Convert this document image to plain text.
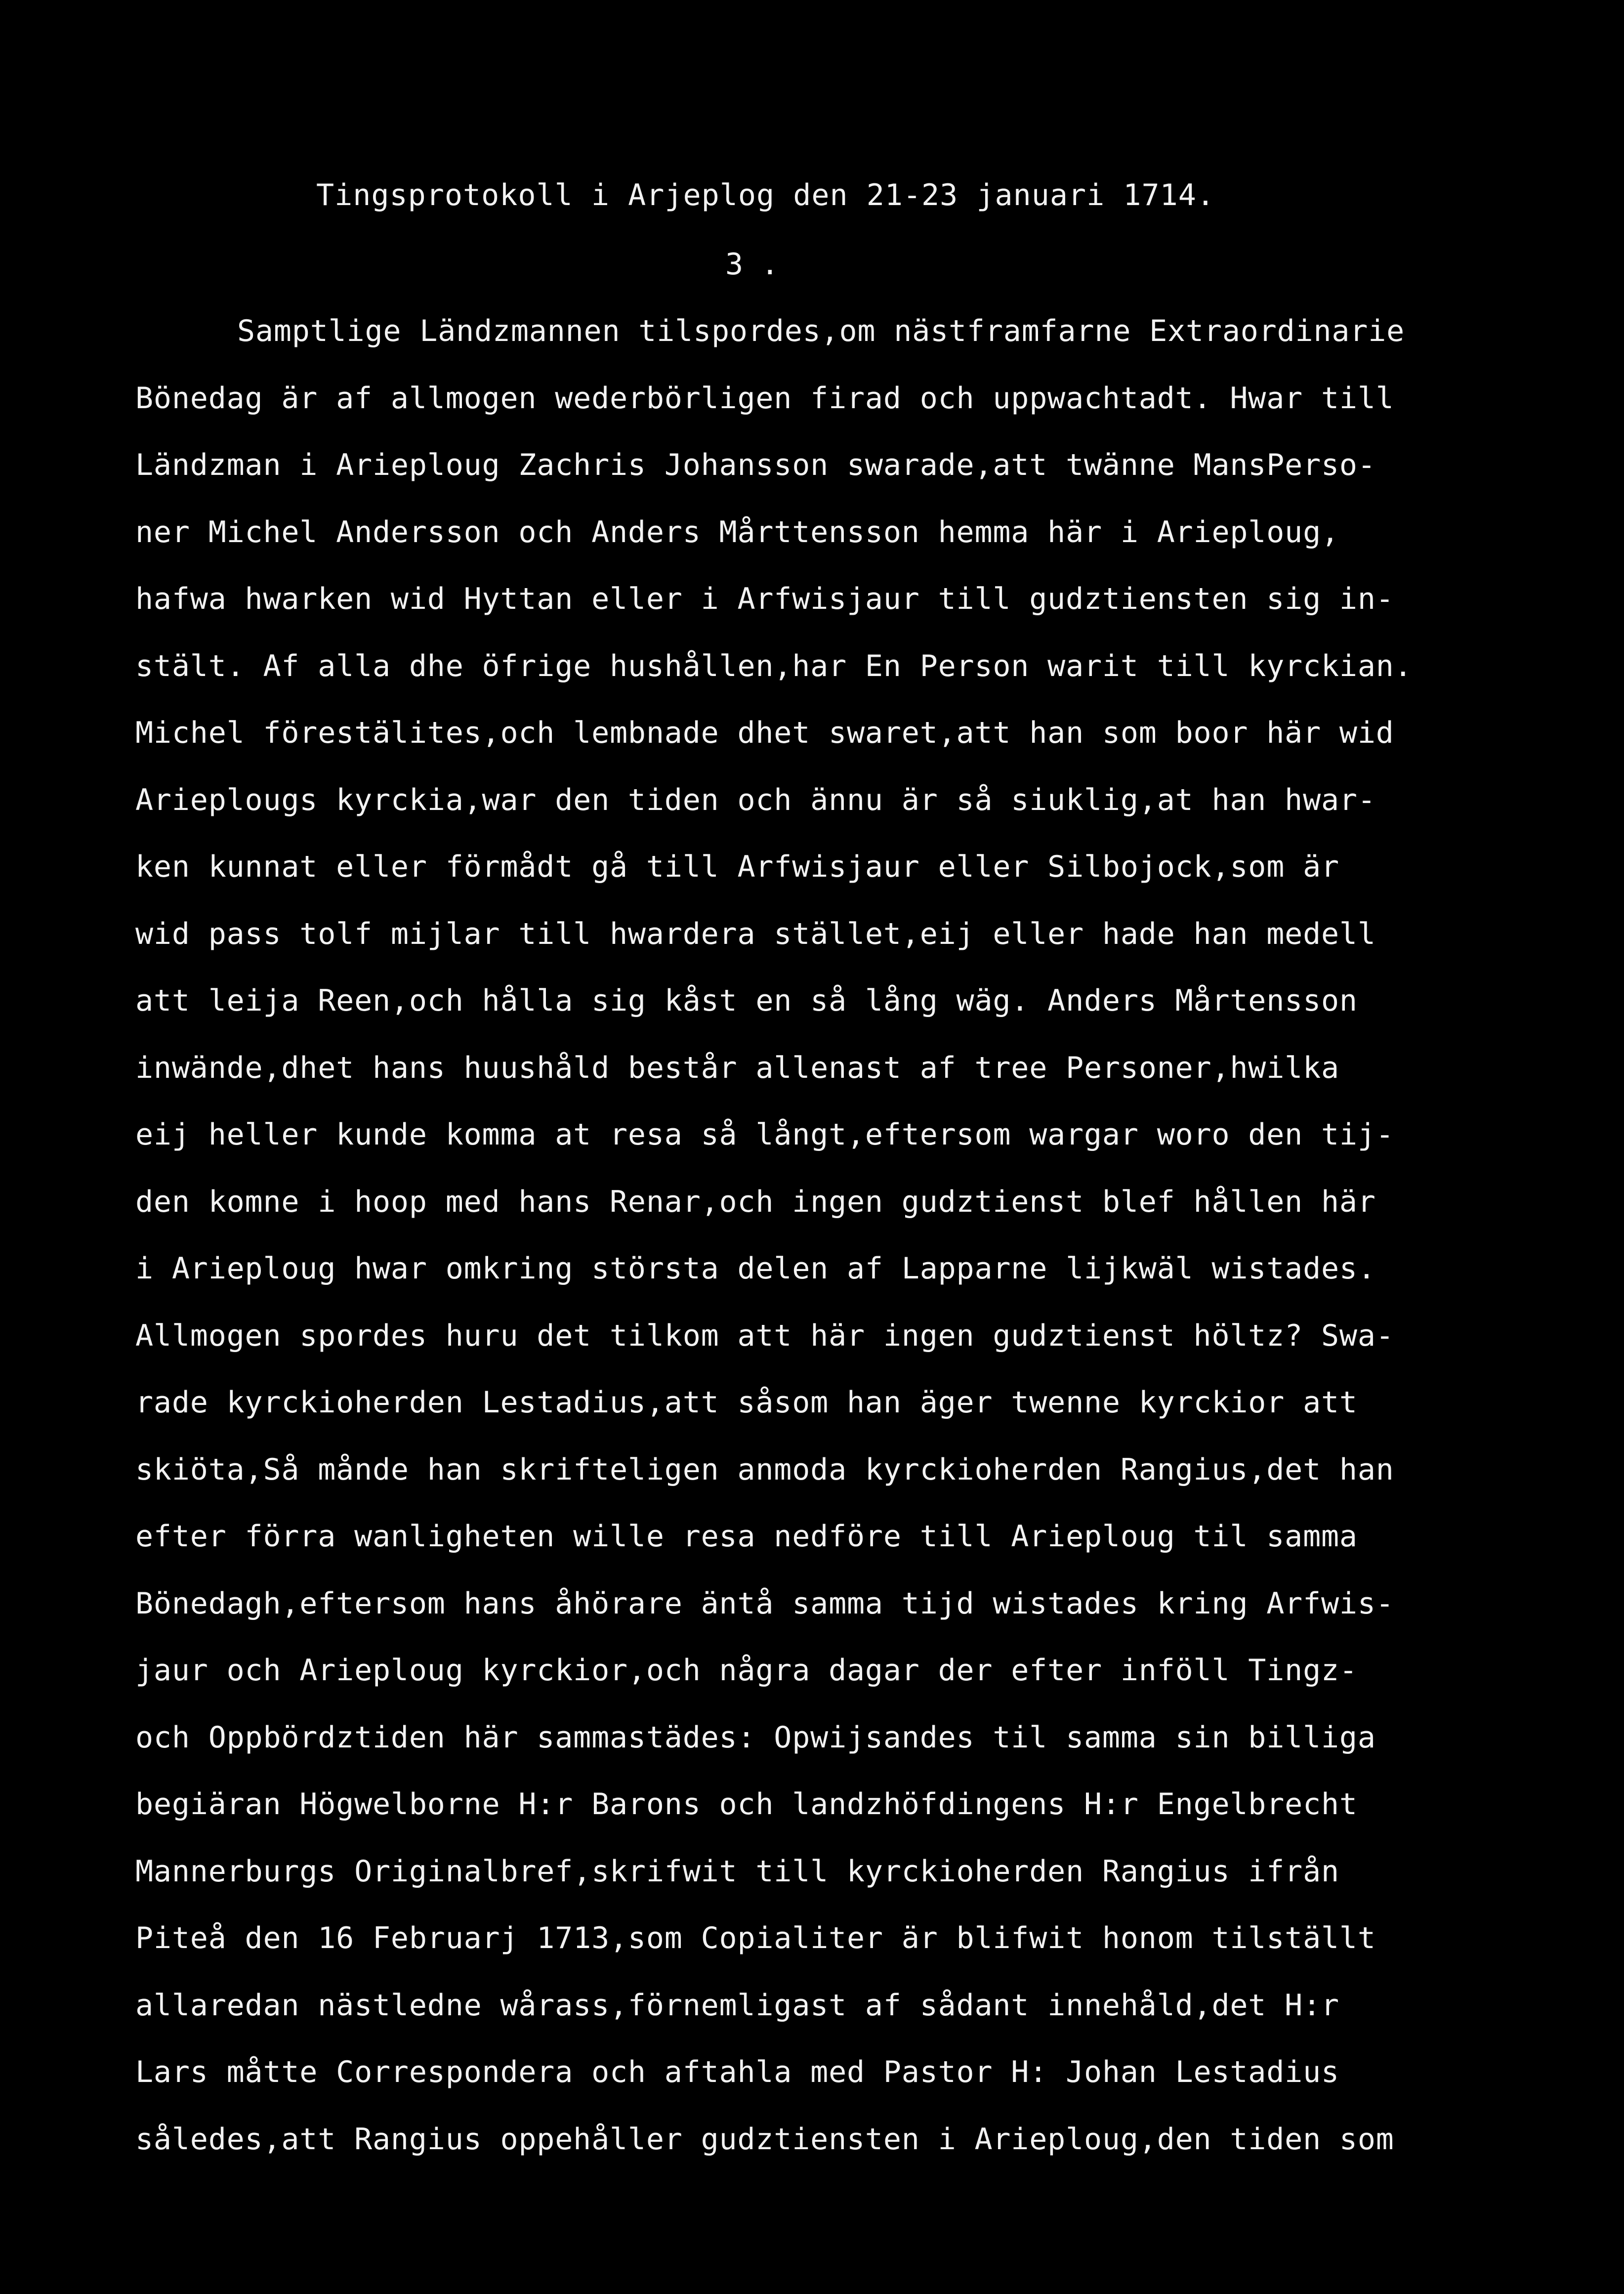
Tingsprotokoll i Arjeplog den 21-23 januari 1714.
3 .
Samptlige Ländzmannen tilspordes,om nästframfarne Extraordinarie
Bönedag är af allmogen wederbörligen firad och uppwachtadt. Hwar till
Ländzman i Arieploug Zachris Johansson swarade,att twänne MansPerso-
ner Michel Andersson och Anders Mårttensson hemma här i Arieploug,
hafwa hwarken wid Hyttan eller i Arfwisjaur till gudztiensten sig in-
stält. Af alla dhe öfrige hushållen,har En Person warit till kyrckian.
Michel förestälites,och lembnade dhet swaret,att han som boor här wid
Arieplougs kyrckia,war den tiden och ännu är så siuklig,at han hwar-
ken kunnat eller förmådt gå till Arfwisjaur eller Silbojock,som är
wid pass tolf mijlar till hwardera stället,eij eller hade han medell
att leija Reen,och hålla sig kåst en så lång wäg. Anders Mårtensson
inwände,dhet hans huushåld består allenast af tree Personer,hwilka
eij heller kunde komma at resa så långt,eftersom wargar woro den tij-
den komne i hoop med hans Renar,och ingen gudztienst blef hållen här
i Arieploug hwar omkring största delen af Lapparne lijkwäl wistades.
Allmogen spordes huru det tilkom att här ingen gudztienst höltz? Swa-
rade kyrckioherden Lestadius,att såsom han äger twenne kyrckior att
skiöta,Så månde han skrifteligen anmoda kyrckioherden Rangius,det han
efter förra wanligheten wille resa nedföre till Arieploug til samma
Bönedagh,eftersom hans åhörare äntå samma tijd wistades kring Arfwis-
jaur och Arieploug kyrckior,och några dagar der efter inföll Tingz-
och Oppbördztiden här sammastädes: Opwijsandes til samma sin billiga
begiäran Högwelborne H:r Barons och landzhöfdingens H:r Engelbrecht
Mannerburgs Originalbref,skrifwit till kyrckioherden Rangius ifrån
Piteå den 16 Februarj 1713,som Copialiter är blifwit honom tilställt
allaredan nästledne wårass,förnemligast af sådant innehåld,det H:r
Lars måtte Correspondera och aftahla med Pastor H: Johan Lestadius
således,att Rangius oppehåller gudztiensten i Arieploug,den tiden som
